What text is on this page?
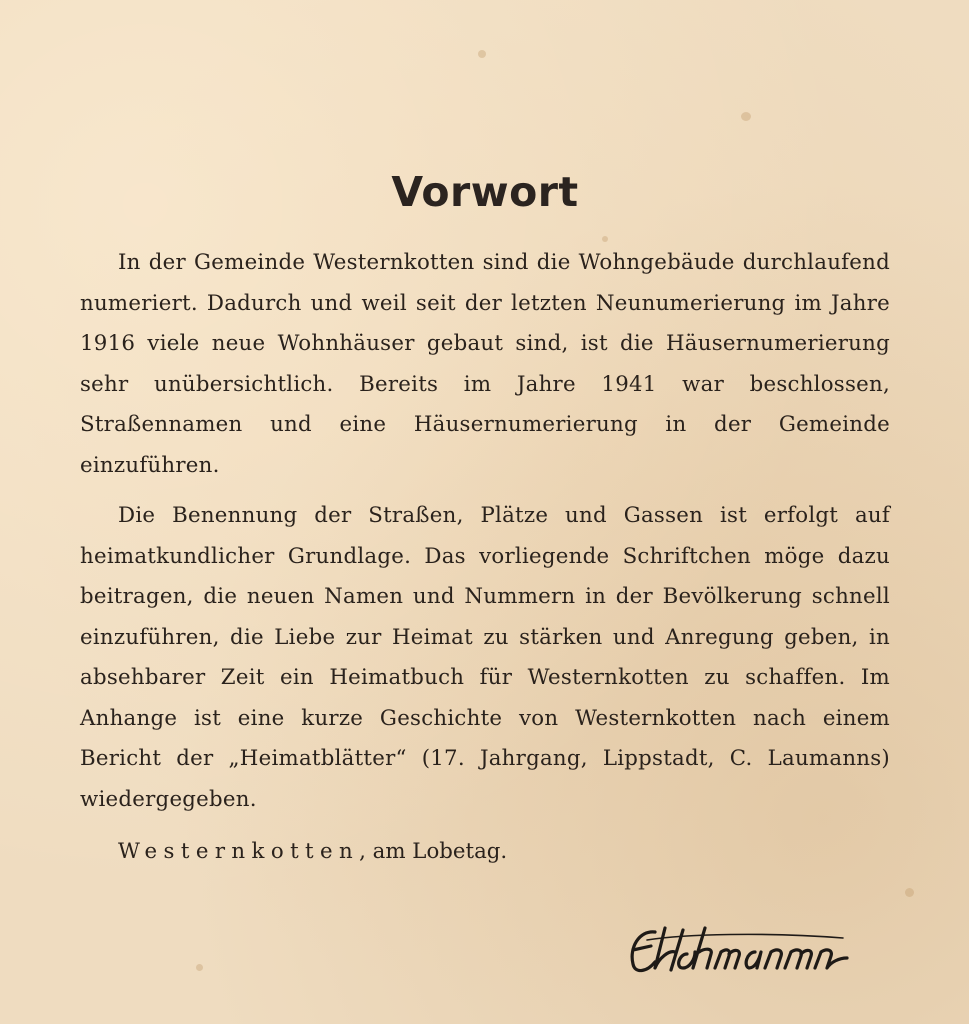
Vorwort

In der Gemeinde Westernkotten sind die Wohngebäude durchlaufend numeriert. Dadurch und weil seit der letzten Neunumerierung im Jahre 1916 viele neue Wohnhäuser gebaut sind, ist die Häusernumerierung sehr unübersichtlich. Bereits im Jahre 1941 war beschlossen, Straßennamen und eine Häusernumerierung in der Gemeinde einzuführen.

Die Benennung der Straßen, Plätze und Gassen ist erfolgt auf heimatkundlicher Grundlage. Das vorliegende Schriftchen möge dazu beitragen, die neuen Namen und Nummern in der Bevölkerung schnell einzuführen, die Liebe zur Heimat zu stärken und Anregung geben, in absehbarer Zeit ein Heimatbuch für Westernkotten zu schaffen. Im Anhange ist eine kurze Geschichte von Westernkotten nach einem Bericht der „Heimatblätter“ (17. Jahrgang, Lippstadt, C. Laumanns) wiedergegeben.

Westernkotten, am Lobetag.
